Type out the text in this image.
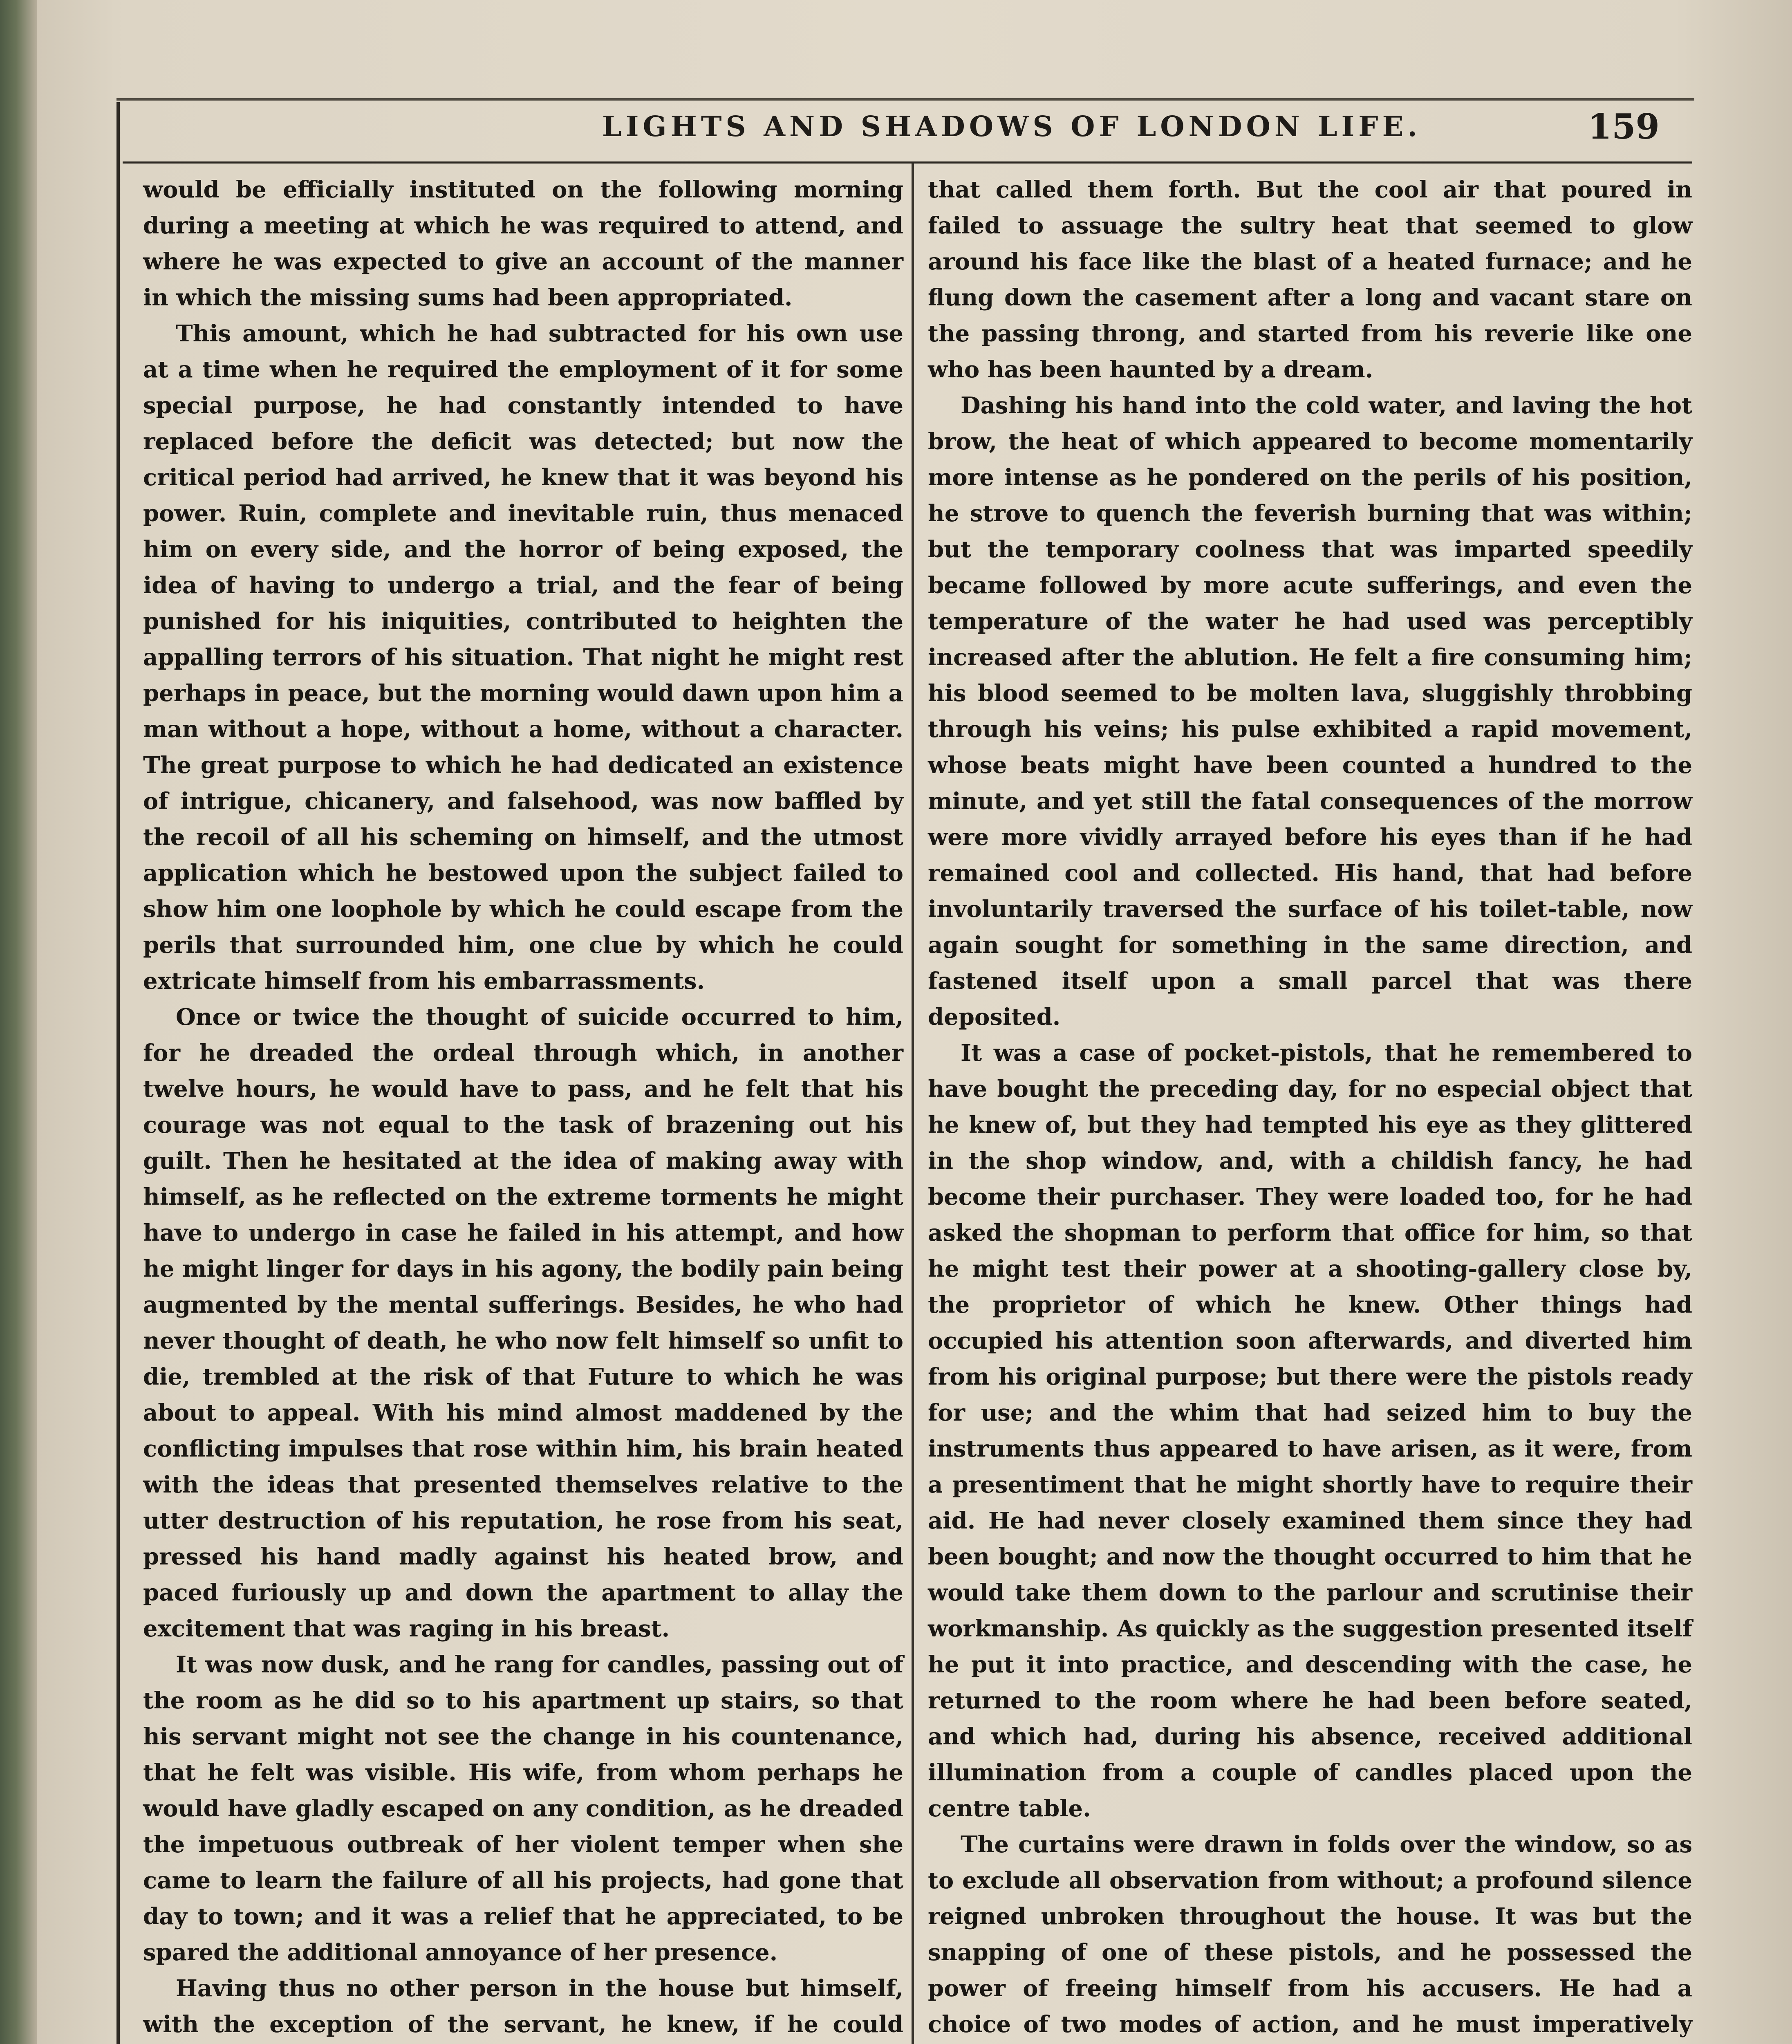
LIGHTS AND SHADOWS OF LONDON LIFE.	159

would be efficially instituted on the following morning during a meeting at which he was required to attend, and where he was expected to give an account of the manner in which the missing sums had been appropriated.

This amount, which he had subtracted for his own use at a time when he required the employment of it for some special purpose, he had constantly intended to have replaced before the deficit was detected; but now the critical period had arrived, he knew that it was beyond his power. Ruin, complete and inevitable ruin, thus menaced him on every side, and the horror of being exposed, the idea of having to undergo a trial, and the fear of being punished for his iniquities, contributed to heighten the appalling terrors of his situation. That night he might rest perhaps in peace, but the morning would dawn upon him a man without a hope, without a home, without a character. The great purpose to which he had dedicated an existence of intrigue, chicanery, and falsehood, was now baffled by the recoil of all his scheming on himself, and the utmost application which he bestowed upon the subject failed to show him one loophole by which he could escape from the perils that surrounded him, one clue by which he could extricate himself from his embarrassments.

Once or twice the thought of suicide occurred to him, for he dreaded the ordeal through which, in another twelve hours, he would have to pass, and he felt that his courage was not equal to the task of brazening out his guilt. Then he hesitated at the idea of making away with himself, as he reflected on the extreme torments he might have to undergo in case he failed in his attempt, and how he might linger for days in his agony, the bodily pain being augmented by the mental sufferings. Besides, he who had never thought of death, he who now felt himself so unfit to die, trembled at the risk of that Future to which he was about to appeal. With his mind almost maddened by the conflicting impulses that rose within him, his brain heated with the ideas that presented themselves relative to the utter destruction of his reputation, he rose from his seat, pressed his hand madly against his heated brow, and paced furiously up and down the apartment to allay the excitement that was raging in his breast.

It was now dusk, and he rang for candles, passing out of the room as he did so to his apartment up stairs, so that his servant might not see the change in his countenance, that he felt was visible. His wife, from whom perhaps he would have gladly escaped on any condition, as he dreaded the impetuous outbreak of her violent temper when she came to learn the failure of all his projects, had gone that day to town; and it was a relief that he appreciated, to be spared the additional annoyance of her presence.

Having thus no other person in the house but himself, with the exception of the servant, he knew, if he could

that called them forth. But the cool air that poured in failed to assuage the sultry heat that seemed to glow around his face like the blast of a heated furnace; and he flung down the casement after a long and vacant stare on the passing throng, and started from his reverie like one who has been haunted by a dream.

Dashing his hand into the cold water, and laving the hot brow, the heat of which appeared to become momentarily more intense as he pondered on the perils of his position, he strove to quench the feverish burning that was within; but the temporary coolness that was imparted speedily became followed by more acute sufferings, and even the temperature of the water he had used was perceptibly increased after the ablution. He felt a fire consuming him; his blood seemed to be molten lava, sluggishly throbbing through his veins; his pulse exhibited a rapid movement, whose beats might have been counted a hundred to the minute, and yet still the fatal consequences of the morrow were more vividly arrayed before his eyes than if he had remained cool and collected. His hand, that had before involuntarily traversed the surface of his toilet-table, now again sought for something in the same direction, and fastened itself upon a small parcel that was there deposited.

It was a case of pocket-pistols, that he remembered to have bought the preceding day, for no especial object that he knew of, but they had tempted his eye as they glittered in the shop window, and, with a childish fancy, he had become their purchaser. They were loaded too, for he had asked the shopman to perform that office for him, so that he might test their power at a shooting-gallery close by, the proprietor of which he knew. Other things had occupied his attention soon afterwards, and diverted him from his original purpose; but there were the pistols ready for use; and the whim that had seized him to buy the instruments thus appeared to have arisen, as it were, from a presentiment that he might shortly have to require their aid. He had never closely examined them since they had been bought; and now the thought occurred to him that he would take them down to the parlour and scrutinise their workmanship. As quickly as the suggestion presented itself he put it into practice, and descending with the case, he returned to the room where he had been before seated, and which had, during his absence, received additional illumination from a couple of candles placed upon the centre table.

The curtains were drawn in folds over the window, so as to exclude all observation from without; a profound silence reigned unbroken throughout the house. It was but the snapping of one of these pistols, and he possessed the power of freeing himself from his accusers. He had a choice of two modes of action, and he must imperatively
